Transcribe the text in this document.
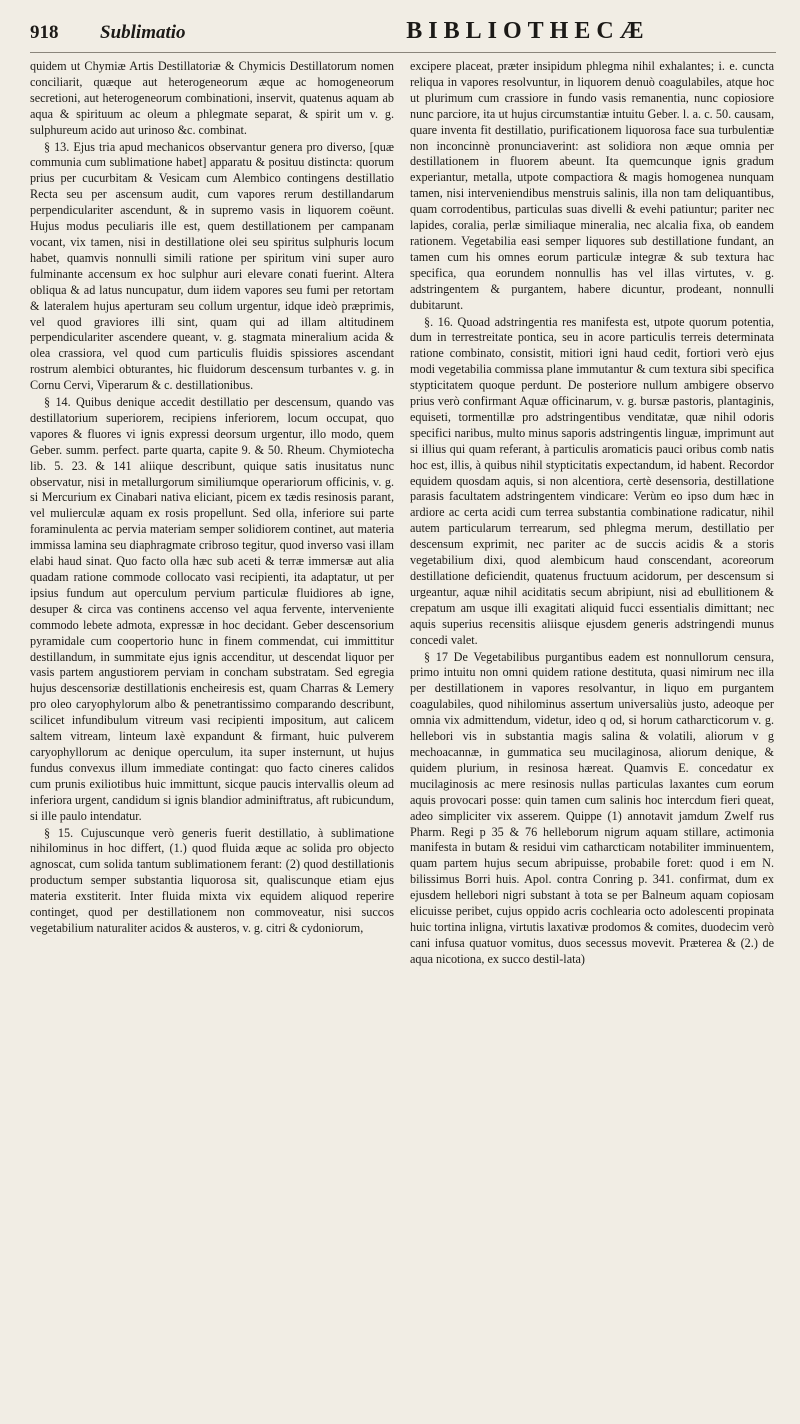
918	Sublimatio	BIBLIOTHECÆ

quidem ut Chymiæ Artis Destillatoriæ & Chymicis Destillatorum nomen conciliarit, quæque aut heterogeneorum æque ac homogeneorum secretioni, aut heterogeneorum combinationi, inservit, quatenus aquam ab aqua & spirituum ac oleum a phlegmate separat, & spirit um v. g. sulphureum acido aut urinoso &c. combinat.

§ 13. Ejus tria apud mechanicos observantur genera pro diverso, [quæ communia cum sublimatione habet] apparatu & posituu distincta: quorum prius per cucurbitam & Vesicam cum Alembico contingens destillatio Recta seu per ascensum audit, cum vapores rerum destillandarum perpendiculariter ascendunt, & in supremo vasis in liquorem coëunt. Hujus modus peculiaris ille est, quem destillationem per campanam vocant, vix tamen, nisi in destillatione olei seu spiritus sulphuris locum habet, quamvis nonnulli simili ratione per spiritum vini super auro fulminante accensum ex hoc sulphur auri elevare conati fuerint. Altera obliqua & ad latus nuncupatur, dum iidem vapores seu fumi per retortam & lateralem hujus aperturam seu collum urgentur, idque ideò præprimis, vel quod graviores illi sint, quam qui ad illam altitudinem perpendiculariter ascendere queant, v. g. stagmata mineralium acida & olea crassiora, vel quod cum particulis fluidis spissiores ascendant rostrum alembici obturantes, hic fluidorum descensum turbantes v. g. in Cornu Cervi, Viperarum & c. destillationibus.

§ 14. Quibus denique accedit destillatio per descensum, quando vas destillatorium superiorem, recipiens inferiorem, locum occupat, quo vapores & fluores vi ignis expressi deorsum urgentur, illo modo, quem Geber. summ. perfect. parte quarta, capite 9. & 50. Rheum. Chymiotecha lib. 5. 23. & 141 aliique describunt, quique satis inusitatus nunc observatur, nisi in metallurgorum similiumque operariorum officinis, v. g. si Mercurium ex Cinabari nativa eliciant, picem ex tædis resinosis parant, vel mulierculæ aquam ex rosis propellunt. Sed olla, inferiore sui parte foraminulenta ac pervia materiam semper solidiorem continet, aut materia immissa lamina seu diaphragmate cribroso tegitur, quod inverso vasi illam elabi haud sinat. Quo facto olla hæc sub aceti & terræ immersæ aut alia quadam ratione commode collocato vasi recipienti, ita adaptatur, ut per ipsius fundum aut operculum pervium particulæ fluidiores ab igne, desuper & circa vas continens accenso vel aqua fervente, interveniente commodo lebete admota, expressæ in hoc decidant. Geber descensorium pyramidale cum coopertorio hunc in finem commendat, cui immittitur destillandum, in summitate ejus ignis accenditur, ut descendat liquor per vasis partem angustiorem perviam in concham substratam. Sed egregia hujus descensoriæ destillationis encheiresis est, quam Charras & Lemery pro oleo caryophylorum albo & penetrantissimo comparando describunt, scilicet infundibulum vitreum vasi recipienti impositum, aut calicem saltem vitream, linteum laxè expandunt & firmant, huic pulverem caryophyllorum ac denique operculum, ita super insternunt, ut hujus fundus convexus illum immediate contingat: quo facto cineres calidos cum prunis exiliotibus huic immittunt, sicque paucis intervallis oleum ad inferiora urgent, candidum si ignis blandior adminiftratus, aft rubicundum, si ille paulo intendatur.

§ 15. Cujuscunque verò generis fuerit destillatio, à sublimatione nihilominus in hoc differt, (1.) quod fluida æque ac solida pro objecto agnoscat, cum solida tantum sublimationem ferant: (2) quod destillationis productum semper substantia liquorosa sit, qualiscunque etiam ejus materia exstiterit. Inter fluida mixta vix equidem aliquod reperire continget, quod per destillationem non commoveatur, nisi succos vegetabilium naturaliter acidos & austeros, v. g. citri & cydoniorum,

excipere placeat, præter insipidum phlegma nihil exhalantes; i. e. cuncta reliqua in vapores resolvuntur, in liquorem denuò coagulabiles, atque hoc ut plurimum cum crassiore in fundo vasis remanentia, nunc copiosiore nunc parciore, ita ut hujus circumstantiæ intuitu Geber. l. a. c. 50. causam, quare inventa fit destillatio, purificationem liquorosa face sua turbulentiæ non inconcinnè pronunciaverint: ast solidiora non æque omnia per destillationem in fluorem abeunt. Ita quemcunque ignis gradum experiantur, metalla, utpote compactiora & magis homogenea nunquam tamen, nisi interveniendibus menstruis salinis, illa non tam deliquantibus, quam corrodentibus, particulas suas divelli & evehi patiuntur; pariter nec lapides, coralia, perlæ similiaque mineralia, nec alcalia fixa, ob eandem rationem. Vegetabilia easi semper liquores sub destillatione fundant, an tamen cum his omnes eorum particulæ integræ & sub textura hac specifica, qua eorundem nonnullis has vel illas virtutes, v. g. adstringentem & purgantem, habere dicuntur, prodeant, nonnulli dubitarunt.

§. 16. Quoad adstringentia res manifesta est, utpote quorum potentia, dum in terrestreitate pontica, seu in acore particulis terreis determinata ratione combinato, consistit, mitiori igni haud cedit, fortiori verò ejus modi vegetabilia commissa plane immutantur & cum textura sibi specifica stypticitatem quoque perdunt. De posteriore nullum ambigere observo prius verò confirmant Aquæ officinarum, v. g. bursæ pastoris, plantaginis, equiseti, tormentillæ pro adstringentibus venditatæ, quæ nihil odoris specifici naribus, multo minus saporis adstringentis linguæ, imprimunt aut si illius qui quam referant, à particulis aromaticis pauci oribus comb natis hoc est, illis, à quibus nihil stypticitatis expectandum, id habent. Recordor equidem quosdam aquis, si non alcentiora, certè desensoria, destillatione parasis facultatem adstringentem vindicare: Verùm eo ipso dum hæc in ardiore ac certa acidi cum terrea substantia combinatione radicatur, nihil autem particularum terrearum, sed phlegma merum, destillatio per descensum exprimit, nec pariter ac de succis acidis & a storis vegetabilium dixi, quod alembicum haud conscendant, acoreorum destillatione deficiendit, quatenus fructuum acidorum, per descensum si urgeantur, aquæ nihil aciditatis secum abripiunt, nisi ad ebullitionem & crepatum am usque illi exagitati aliquid fucci essentialis dimittant; nec aquis superius recensitis aliisque ejusdem generis adstringendi munus concedi valet.

§ 17 De Vegetabilibus purgantibus eadem est nonnullorum censura, primo intuitu non omni quidem ratione destituta, quasi nimirum nec illa per destillationem in vapores resolvantur, in liquo em purgantem coagulabiles, quod nihilominus assertum universaliùs justo, adeoque per omnia vix admittendum, videtur, ideo q od, si horum catharcticorum v. g. hellebori vis in substantia magis salina & volatili, aliorum v g mechoacannæ, in gummatica seu mucilaginosa, aliorum denique, & quidem plurium, in resinosa hæreat. Quamvis E. concedatur ex mucilaginosis ac mere resinosis nullas particulas laxantes cum eorum aquis provocari posse: quin tamen cum salinis hoc intercdum fieri queat, adeo simpliciter vix asserem. Quippe (1) annotavit jamdum Zwelf rus Pharm. Regi p 35 & 76 helleborum nigrum aquam stillare, actimonia manifesta in butam & residui vim catharcticam notabiliter imminuentem, quam partem hujus secum abripuisse, probabile foret: quod i em N. bilissimus Borri huis. Apol. contra Conring p. 341. confirmat, dum ex ejusdem hellebori nigri substant à tota se per Balneum aquam copiosam elicuisse peribet, cujus oppido acris cochlearia octo adolescenti propinata huic tortina inligna, virtutis laxativæ prodomos & comites, duodecim verò cani infusa quatuor vomitus, duos secessus movevit. Præterea & (2.) de aqua nicotiona, ex succo destil-lata)
